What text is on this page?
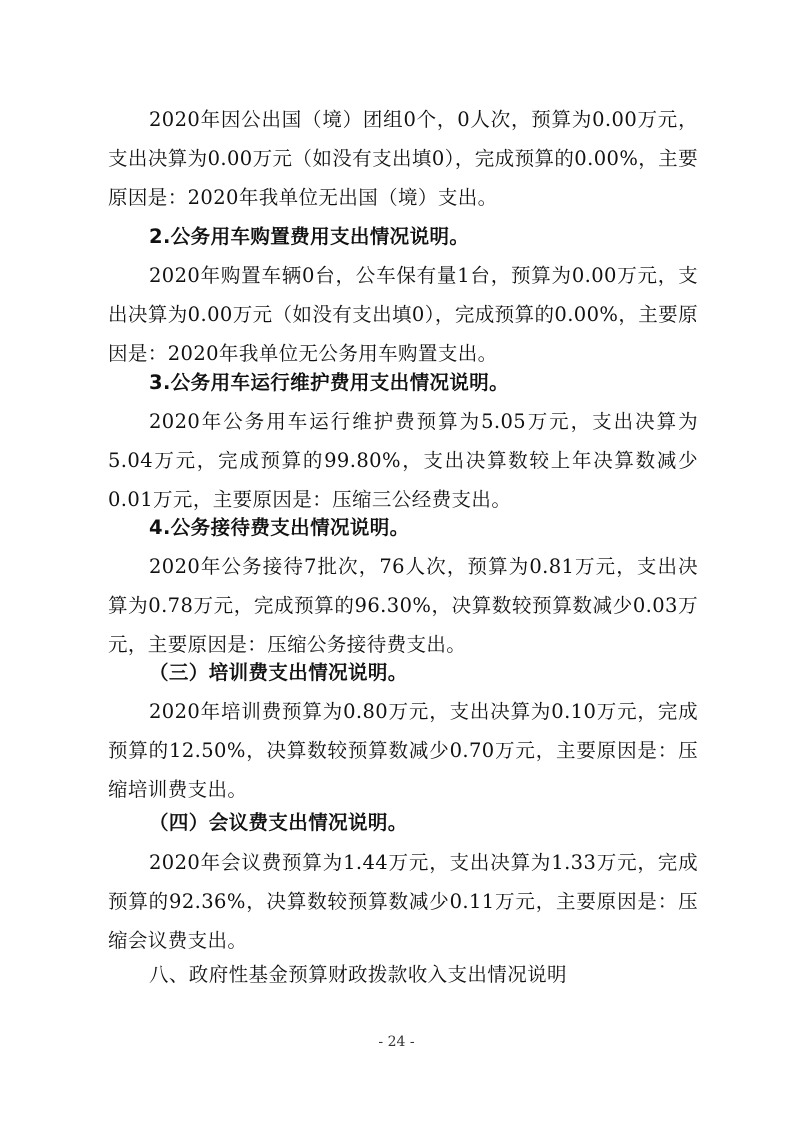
2020年因公出国（境）团组0个，0人次，预算为0.00万元，支出决算为0.00万元（如没有支出填0），完成预算的0.00%，主要原因是：2020年我单位无出国（境）支出。

2.公务用车购置费用支出情况说明。

2020年购置车辆0台，公车保有量1台，预算为0.00万元，支出决算为0.00万元（如没有支出填0），完成预算的0.00%，主要原因是：2020年我单位无公务用车购置支出。

3.公务用车运行维护费用支出情况说明。

2020年公务用车运行维护费预算为5.05万元，支出决算为5.04万元，完成预算的99.80%，支出决算数较上年决算数减少0.01万元，主要原因是：压缩三公经费支出。

4.公务接待费支出情况说明。

2020年公务接待7批次，76人次，预算为0.81万元，支出决算为0.78万元，完成预算的96.30%，决算数较预算数减少0.03万元，主要原因是：压缩公务接待费支出。

（三）培训费支出情况说明。

2020年培训费预算为0.80万元，支出决算为0.10万元，完成预算的12.50%，决算数较预算数减少0.70万元，主要原因是：压缩培训费支出。

（四）会议费支出情况说明。

2020年会议费预算为1.44万元，支出决算为1.33万元，完成预算的92.36%，决算数较预算数减少0.11万元，主要原因是：压缩会议费支出。

八、政府性基金预算财政拨款收入支出情况说明

- 24 -
